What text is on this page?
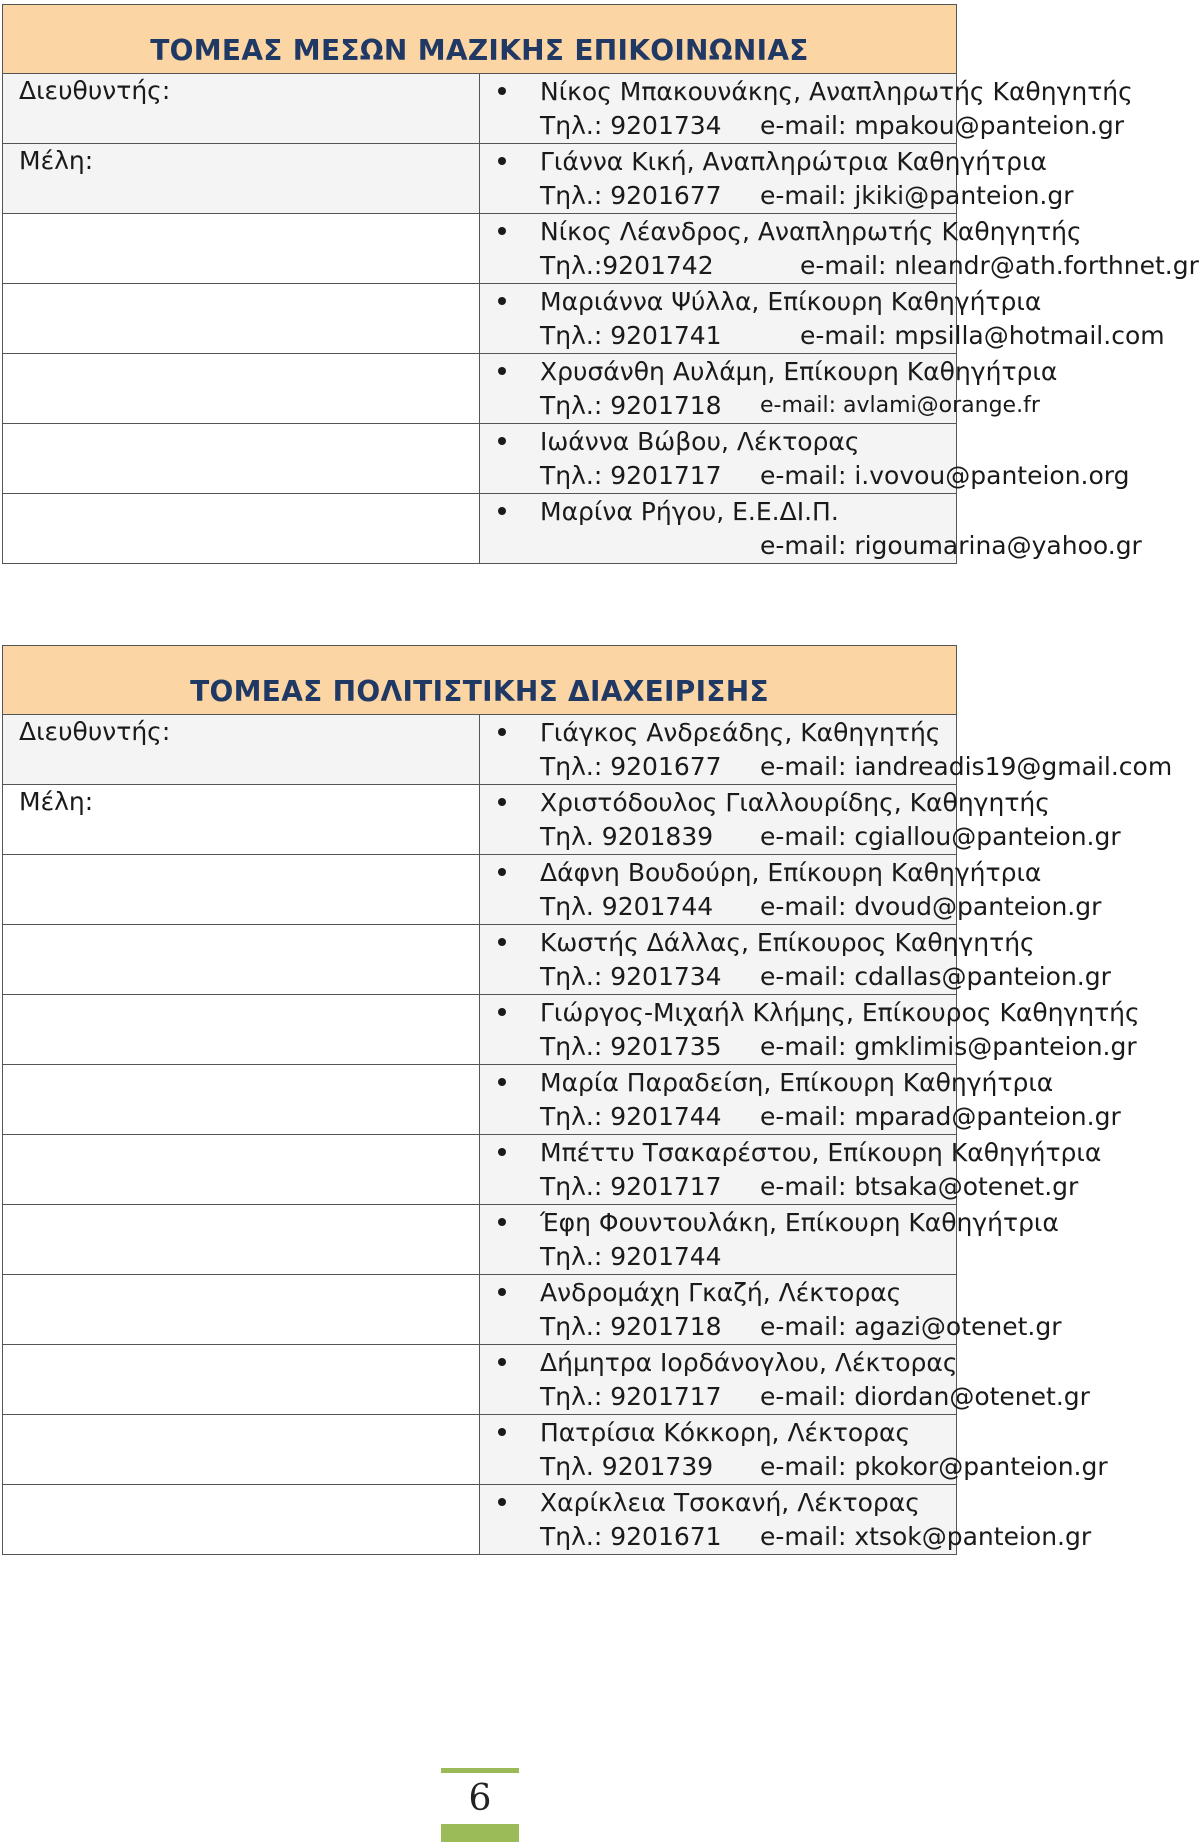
ΤΟΜΕΑΣ ΜΕΣΩΝ ΜΑΖΙΚΗΣ ΕΠΙΚΟΙΝΩΝΙΑΣ	
Διευθυντής:	Νίκος Μπακουνάκης, Αναπληρωτής Καθηγητής
Τηλ.: 9201734 e-mail: mpakou@panteion.gr

Μέλη:	Γιάννα Κική, Αναπληρώτρια Καθηγήτρια
Τηλ.: 9201677 e-mail: jkiki@panteion.gr

	Νίκος Λέανδρος, Αναπληρωτής Καθηγητής
Τηλ.:9201742 e-mail: nleandr@ath.forthnet.gr

	Μαριάννα Ψύλλα, Επίκουρη Καθηγήτρια
Τηλ.: 9201741 e-mail: mpsilla@hotmail.com

	Χρυσάνθη Αυλάμη, Επίκουρη Καθηγήτρια
Τηλ.: 9201718 e-mail: avlami@orange.fr

	Ιωάννα Βώβου, Λέκτορας
Τηλ.: 9201717 e-mail: i.vovou@panteion.org

	Μαρίνα Ρήγου, Ε.Ε.ΔΙ.Π.
e-mail: rigoumarina@yahoo.gr
ΤΟΜΕΑΣ ΠΟΛΙΤΙΣΤΙΚΗΣ ΔΙΑΧΕΙΡΙΣΗΣ	
Διευθυντής:	Γιάγκος Ανδρεάδης, Καθηγητής
Τηλ.: 9201677 e-mail: iandreadis19@gmail.com

Μέλη:	Χριστόδουλος Γιαλλουρίδης, Καθηγητής
Τηλ. 9201839 e-mail: cgiallou@panteion.gr

	Δάφνη Βουδούρη, Επίκουρη Καθηγήτρια
Τηλ. 9201744 e-mail: dvoud@panteion.gr

	Κωστής Δάλλας, Επίκουρος Καθηγητής
Τηλ.: 9201734 e-mail: cdallas@panteion.gr

	Γιώργος-Μιχαήλ Κλήμης, Επίκουρος Καθηγητής
Τηλ.: 9201735 e-mail: gmklimis@panteion.gr

	Μαρία Παραδείση, Επίκουρη Καθηγήτρια
Τηλ.: 9201744 e-mail: mparad@panteion.gr

	Μπέττυ Τσακαρέστου, Επίκουρη Καθηγήτρια
Τηλ.: 9201717 e-mail: btsaka@otenet.gr

	Έφη Φουντουλάκη, Επίκουρη Καθηγήτρια
Τηλ.: 9201744

	Ανδρομάχη Γκαζή, Λέκτορας
Τηλ.: 9201718 e-mail: agazi@otenet.gr

	Δήμητρα Ιορδάνογλου, Λέκτορας
Τηλ.: 9201717 e-mail: diordan@otenet.gr

	Πατρίσια Κόκκορη, Λέκτορας
Τηλ. 9201739 e-mail: pkokor@panteion.gr

	Χαρίκλεια Τσοκανή, Λέκτορας
Τηλ.: 9201671 e-mail: xtsok@panteion.gr
6
